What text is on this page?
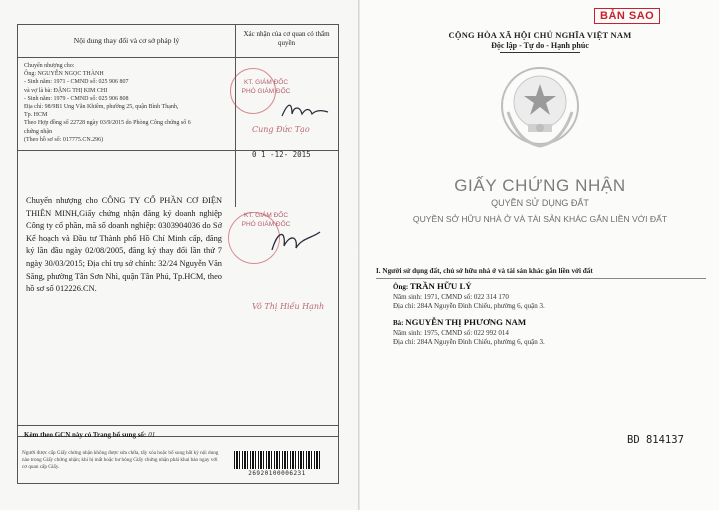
Nội dung thay đổi và cơ sở pháp lý
Xác nhận của cơ quan có thẩm quyền
Chuyển nhượng cho:
Ông: NGUYỄN NGỌC THÀNH
- Sinh năm: 1971 - CMND số: 025 906 807
và vợ là bà: ĐẶNG THỊ KIM CHI
- Sinh năm: 1979 - CMND số: 025 906 808
Địa chỉ: 98/9B1 Ung Văn Khiêm, phường 25, quận Bình Thạnh,
Tp. HCM
Theo Hợp đồng số 22728 ngày 03/9/2015 do Phòng Công chứng số 6
chứng nhận
(Theo hồ sơ số: 017775.CN.296)
Chuyển nhượng cho CÔNG TY CỔ PHẦN CƠ ĐIỆN THIÊN MINH,Giấy chứng nhận đăng ký doanh nghiệp Công ty cổ phần, mã số doanh nghiệp: 0303904036 do Sở Kế hoạch và Đầu tư Thành phố Hồ Chí Minh cấp, đăng ký lần đầu ngày 02/08/2005, đăng ký thay đổi lần thứ 7 ngày 30/03/2015; Địa chỉ trụ sở chính: 32/24 Nguyễn Văn Săng, phường Tân Sơn Nhì, quận Tân Phú, Tp.HCM, theo hồ sơ số 012226.CN.
Kèm theo GCN này có Trang bổ sung số: 01
KT. GIÁM ĐỐC
PHÓ GIÁM ĐỐC
Cung Đức Tạo
0 1 -12- 2015
KT. GIÁM ĐỐC
PHÓ GIÁM ĐỐC
Võ Thị Hiếu Hạnh
Người được cấp Giấy chứng nhận không được sửa chữa, tẩy xóa hoặc bổ sung bất kỳ nội dung nào trong Giấy chứng nhận; khi bị mất hoặc hư hỏng Giấy chứng nhận phải khai báo ngay với cơ quan cấp Giấy.
26920100006231
BẢN SAO
CỘNG HÒA XÃ HỘI CHỦ NGHĨA VIỆT NAM
Độc lập - Tự do - Hạnh phúc
GIẤY CHỨNG NHẬN
QUYỀN SỬ DỤNG ĐẤT
QUYỀN SỞ HỮU NHÀ Ở VÀ TÀI SẢN KHÁC GẮN LIỀN VỚI ĐẤT
I. Người sử dụng đất, chủ sở hữu nhà ở và tài sản khác gắn liền với đất
Ông: TRẦN HỮU LÝ
Năm sinh: 1971, CMND số: 022 314 170
Địa chỉ: 284A Nguyễn Đình Chiểu, phường 6, quận 3.
Bà: NGUYỄN THỊ PHƯƠNG NAM
Năm sinh: 1975, CMND số: 022 992 014
Địa chỉ: 284A Nguyễn Đình Chiểu, phường 6, quận 3.
BD 814137
